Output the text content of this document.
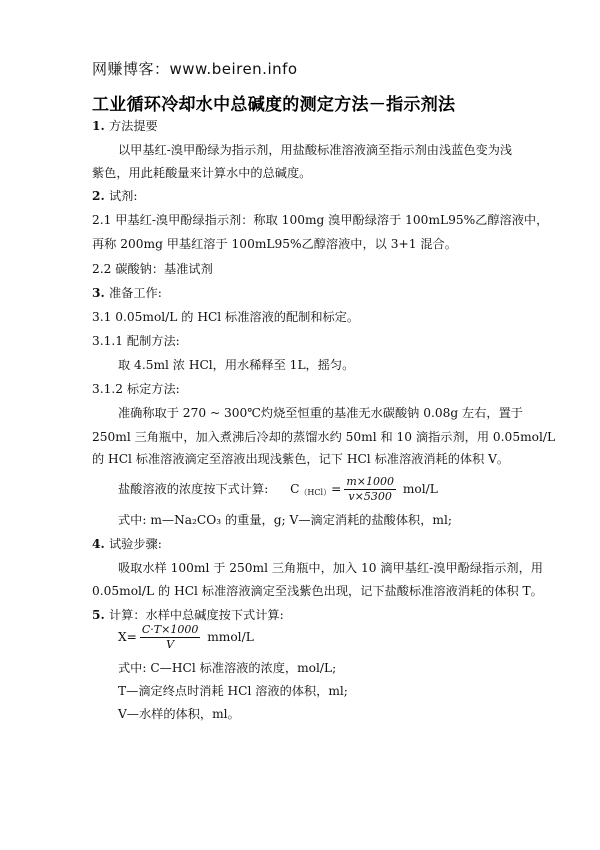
网赚博客：www.beiren.info
工业循环冷却水中总碱度的测定方法－指示剂法
1. 方法提要
以甲基红-溴甲酚绿为指示剂，用盐酸标准溶液滴至指示剂由浅蓝色变为浅
紫色，用此耗酸量来计算水中的总碱度。
2. 试剂:
2.1 甲基红-溴甲酚绿指示剂：称取 100mg 溴甲酚绿溶于 100mL95%乙醇溶液中，
再称 200mg 甲基红溶于 100mL95%乙醇溶液中，以 3+1 混合。
2.2 碳酸钠：基准试剂
3. 准备工作:
3.1 0.05mol/L 的 HCl 标准溶液的配制和标定。
3.1.1 配制方法:
取 4.5ml 浓 HCl，用水稀释至 1L，摇匀。
3.1.2 标定方法:
准确称取于 270 ~ 300℃灼烧至恒重的基准无水碳酸钠 0.08g 左右，置于
250ml 三角瓶中，加入煮沸后冷却的蒸馏水约 50ml 和 10 滴指示剂，用 0.05mol/L
的 HCl 标准溶液滴定至溶液出现浅紫色，记下 HCl 标准溶液消耗的体积 V。
盐酸溶液的浓度按下式计算: $C_{(HCl)}= \frac{m\times 1000}{v\times 5300} mol/L$
式中: m—Na₂CO₃ 的重量，g; V—滴定消耗的盐酸体积，ml;
4. 试验步骤:
吸取水样 100ml 于 250ml 三角瓶中，加入 10 滴甲基红-溴甲酚绿指示剂，用
0.05mol/L 的 HCl 标准溶液滴定至浅紫色出现，记下盐酸标准溶液消耗的体积 T。
5. 计算：水样中总碱度按下式计算:
$X= \frac{C\cdot T\times 1000}{V}$ mmol/L
式中: C—HCl 标准溶液的浓度，mol/L;
T—滴定终点时消耗 HCl 溶液的体积，ml;
V—水样的体积，ml。
